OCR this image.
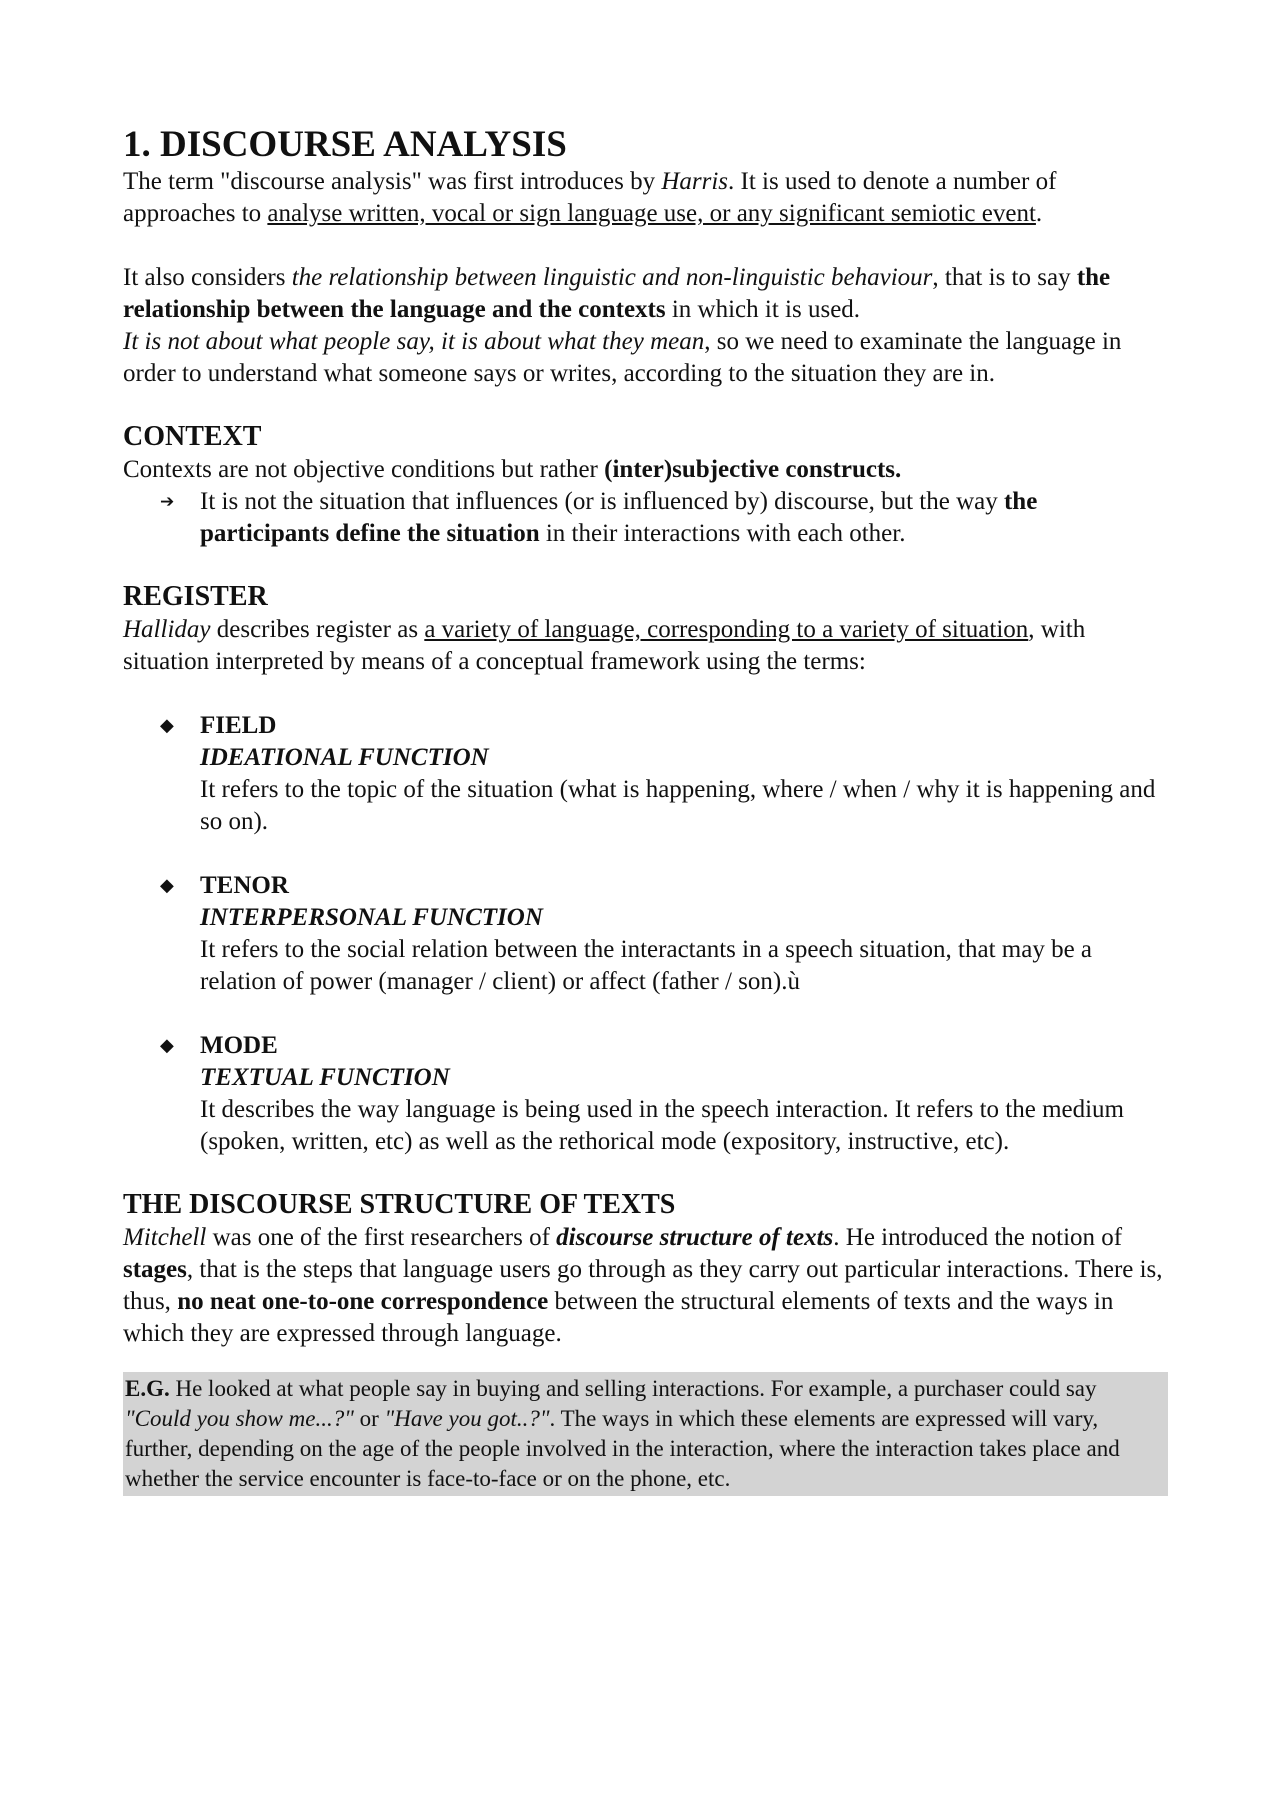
1. DISCOURSE ANALYSIS

The term "discourse analysis" was first introduces by Harris. It is used to denote a number of approaches to analyse written, vocal or sign language use, or any significant semiotic event.

It also considers the relationship between linguistic and non-linguistic behaviour, that is to say the relationship between the language and the contexts in which it is used.

It is not about what people say, it is about what they mean, so we need to examinate the language in order to understand what someone says or writes, according to the situation they are in.

CONTEXT

Contexts are not objective conditions but rather (inter)subjective constructs.

➔	It is not the situation that influences (or is influenced by) discourse, but the way the participants define the situation in their interactions with each other.
REGISTER

Halliday describes register as a variety of language, corresponding to a variety of situation, with situation interpreted by means of a conceptual framework using the terms:

◆	FIELD
IDEATIONAL FUNCTION
It refers to the topic of the situation (what is happening, where / when / why it is happening and so on).
◆	TENOR
INTERPERSONAL FUNCTION
It refers to the social relation between the interactants in a speech situation, that may be a relation of power (manager / client) or affect (father / son).ù
◆	MODE
TEXTUAL FUNCTION
It describes the way language is being used in the speech interaction. It refers to the medium (spoken, written, etc) as well as the rethorical mode (expository, instructive, etc).
THE DISCOURSE STRUCTURE OF TEXTS

Mitchell was one of the first researchers of discourse structure of texts. He introduced the notion of stages, that is the steps that language users go through as they carry out particular interactions. There is, thus, no neat one-to-one correspondence between the structural elements of texts and the ways in which they are expressed through language.

E.G. He looked at what people say in buying and selling interactions. For example, a purchaser could say "Could you show me...?" or "Have you got..?". The ways in which these elements are expressed will vary, further, depending on the age of the people involved in the interaction, where the interaction takes place and whether the service encounter is face-to-face or on the phone, etc.
